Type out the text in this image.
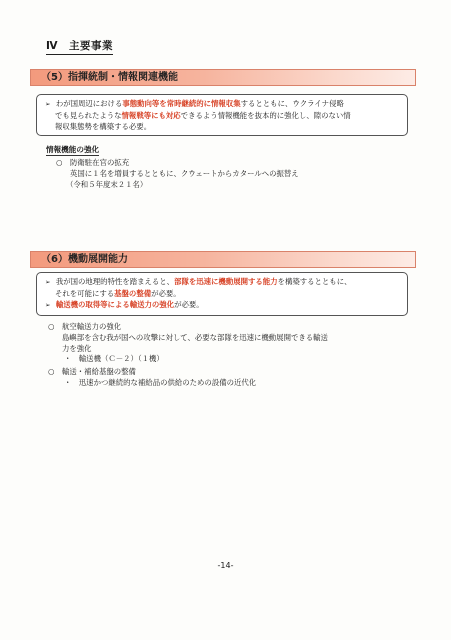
Ⅳ　主要事業
（5）指揮統制・情報関連機能
➢ わが国周辺における事態動向等を常時継続的に情報収集するとともに、ウクライナ侵略
でも見られたような情報戦等にも対応できるよう情報機能を抜本的に強化し、隙のない情
報収集態勢を構築する必要。
情報機能の強化
○ 防衛駐在官の拡充
英国に１名を増員するとともに、クウェートからカタールへの振替え
（令和５年度末２１名）
（6）機動展開能力
➢ 我が国の地理的特性を踏まえると、部隊を迅速に機動展開する能力を構築するとともに、
それを可能にする基盤の整備が必要。
➢ 輸送機の取得等による輸送力の強化が必要。
○ 航空輸送力の強化
島嶼部を含む我が国への攻撃に対して、必要な部隊を迅速に機動展開できる輸送
力を強化
・　輸送機（Ｃ－２）（１機）
○ 輸送・補給基盤の整備
・　迅速かつ継続的な補給品の供給のための設備の近代化
-14-
